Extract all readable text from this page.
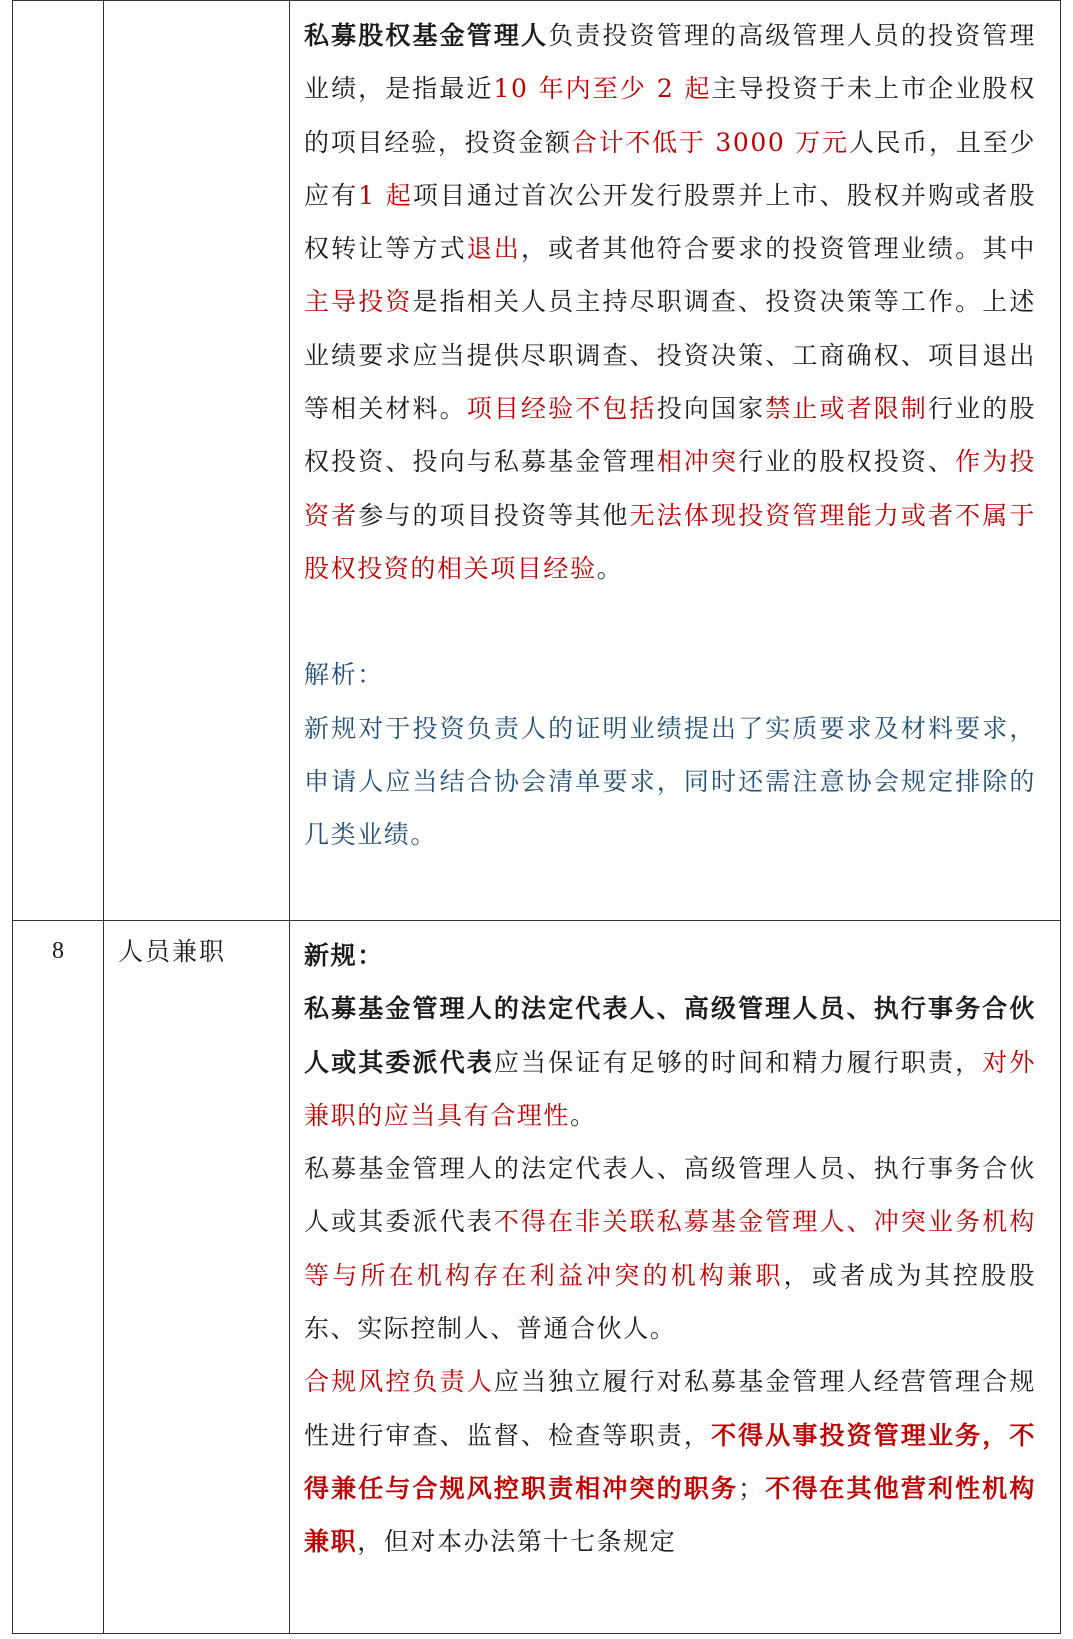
		私募股权基金管理人负责投资管理的高级管理人员的投资管理业绩，是指最近10 年内至少 2 起主导投资于未上市企业股权的项目经验，投资金额合计不低于 3000 万元人民币，且至少应有1 起项目通过首次公开发行股票并上市、股权并购或者股权转让等方式退出，或者其他符合要求的投资管理业绩。其中主导投资是指相关人员主持尽职调查、投资决策等工作。上述业绩要求应当提供尽职调查、投资决策、工商确权、项目退出等相关材料。项目经验不包括投向国家禁止或者限制行业的股权投资、投向与私募基金管理相冲突行业的股权投资、作为投资者参与的项目投资等其他无法体现投资管理能力或者不属于股权投资的相关项目经验。

解析：

新规对于投资负责人的证明业绩提出了实质要求及材料要求，申请人应当结合协会清单要求，同时还需注意协会规定排除的几类业绩。

8	人员兼职	新规：

私募基金管理人的法定代表人、高级管理人员、执行事务合伙人或其委派代表应当保证有足够的时间和精力履行职责，对外兼职的应当具有合理性。

私募基金管理人的法定代表人、高级管理人员、执行事务合伙人或其委派代表不得在非关联私募基金管理人、冲突业务机构等与所在机构存在利益冲突的机构兼职，或者成为其控股股东、实际控制人、普通合伙人。

合规风控负责人应当独立履行对私募基金管理人经营管理合规性进行审查、监督、检查等职责，不得从事投资管理业务，不得兼任与合规风控职责相冲突的职务；不得在其他营利性机构兼职，但对本办法第十七条规定
